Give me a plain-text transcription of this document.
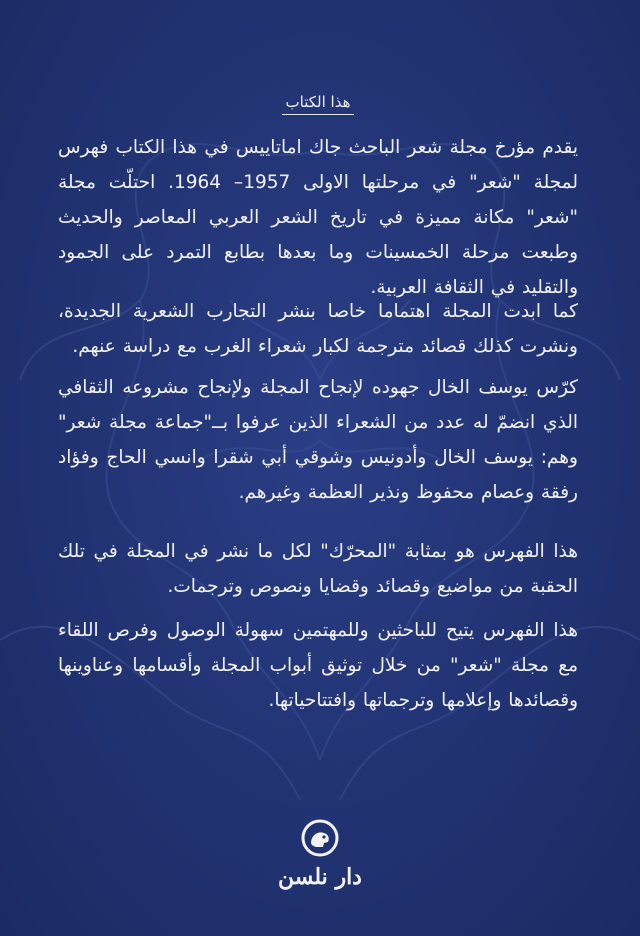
هذا الكتاب
يقدم مؤرخ مجلة شعر الباحث جاك اماتاييس في هذا الكتاب فهرس لمجلة "شعر" في مرحلتها الاولى 1957– 1964. احتلّت مجلة "شعر" مكانة مميزة في تاريخ الشعر العربي المعاصر والحديث وطبعت مرحلة الخمسينات وما بعدها بطابع التمرد على الجمود والتقليد في الثقافة العربية.
كما ابدت المجلة اهتماما خاصا بنشر التجارب الشعرية الجديدة، ونشرت كذلك قصائد مترجمة لكبار شعراء الغرب مع دراسة عنهم.
كرّس يوسف الخال جهوده لإنجاح المجلة ولإنجاح مشروعه الثقافي الذي انضمّ له عدد من الشعراء الذين عرفوا بــ"جماعة مجلة شعر" وهم: يوسف الخال وأدونيس وشوقي أبي شقرا وانسي الحاج وفؤاد رفقة وعصام محفوظ ونذير العظمة وغيرهم.
هذا الفهرس هو بمثابة "المحرّك" لكل ما نشر في المجلة في تلك الحقبة من مواضيع وقصائد وقضايا ونصوص وترجمات.
هذا الفهرس يتيح للباحثين وللمهتمين سهولة الوصول وفرص اللقاء مع مجلة "شعر" من خلال توثيق أبواب المجلة وأقسامها وعناوينها وقصائدها وإعلامها وترجماتها وافتتاحياتها.
دار نلسن
